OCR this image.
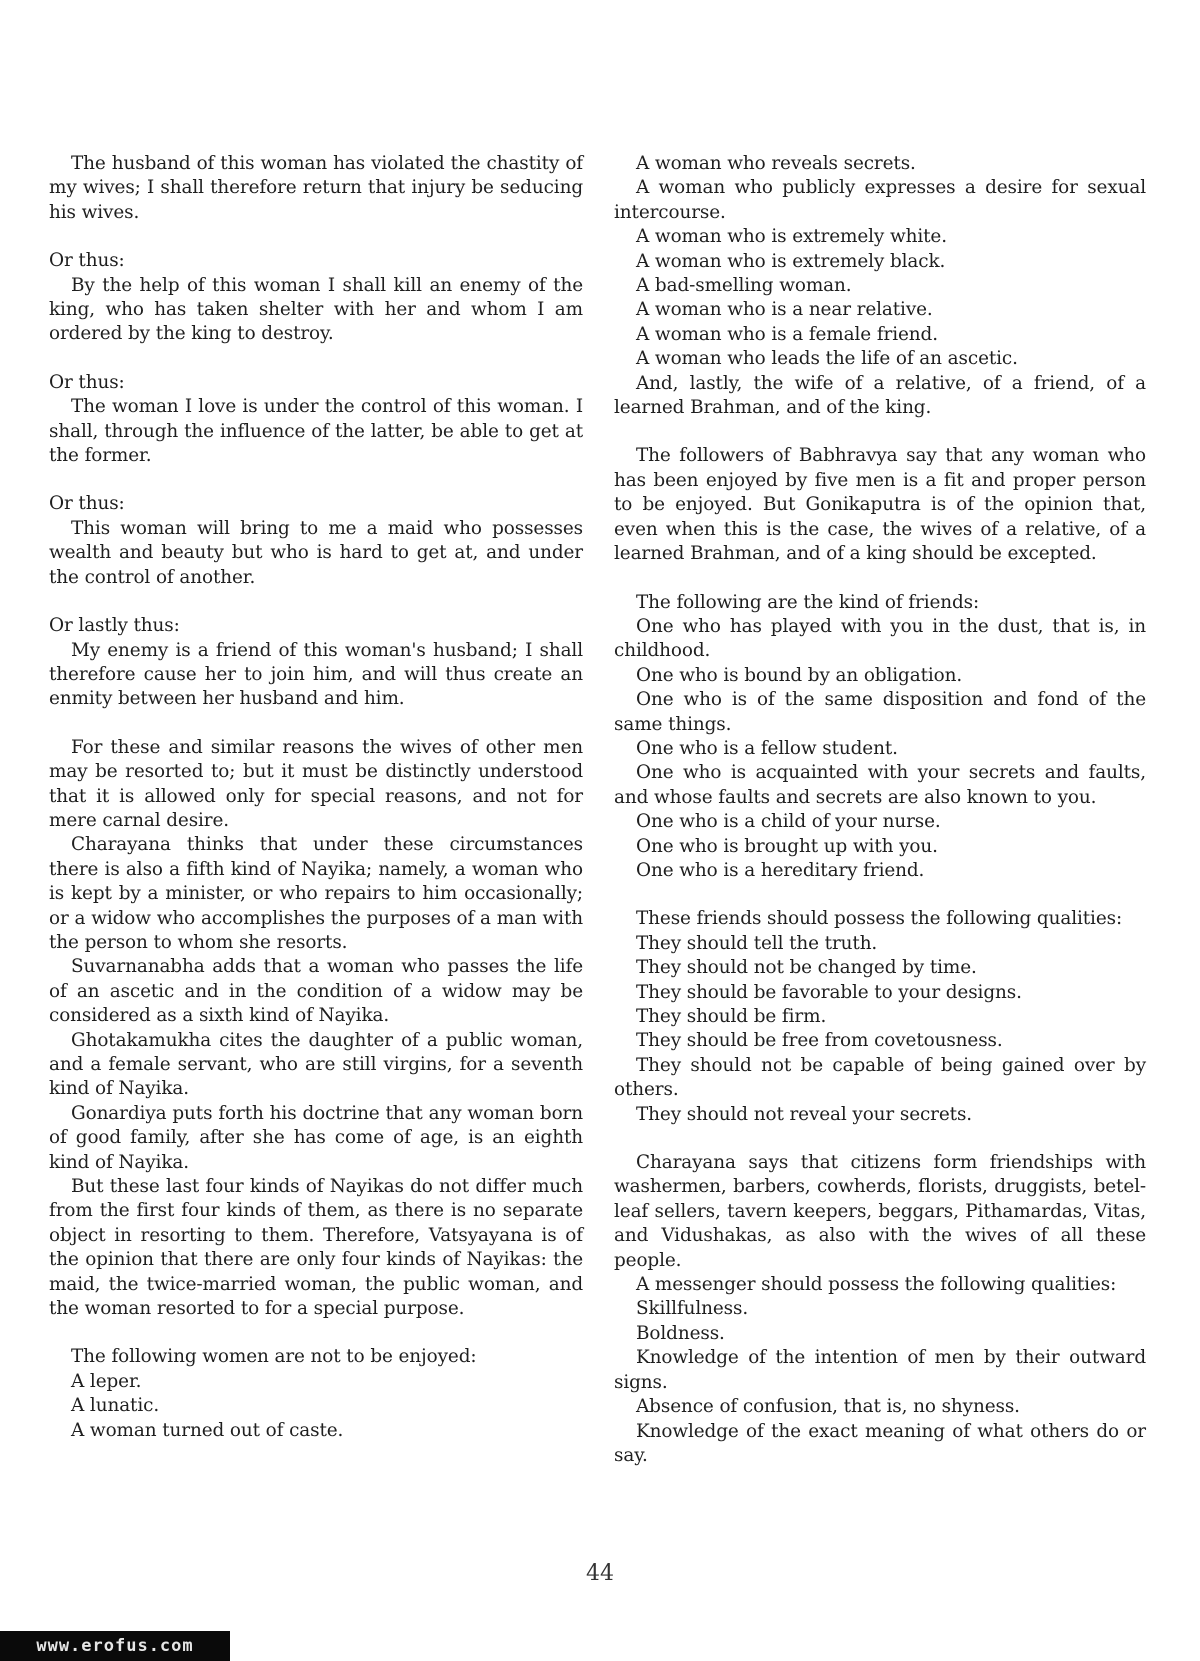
The husband of this woman has violated the chastity of my wives; I shall therefore return that injury be seducing his wives.

Or thus:

By the help of this woman I shall kill an enemy of the king, who has taken shelter with her and whom I am ordered by the king to destroy.

Or thus:

The woman I love is under the control of this woman. I shall, through the influence of the latter, be able to get at the former.

Or thus:

This woman will bring to me a maid who possesses wealth and beauty but who is hard to get at, and under the control of another.

Or lastly thus:

My enemy is a friend of this woman's husband; I shall therefore cause her to join him, and will thus create an enmity between her husband and him.

For these and similar reasons the wives of other men may be resorted to; but it must be distinctly understood that it is allowed only for special reasons, and not for mere carnal desire.

Charayana thinks that under these circumstances there is also a fifth kind of Nayika; namely, a woman who is kept by a minister, or who repairs to him occasionally; or a widow who accomplishes the purposes of a man with the person to whom she resorts.

Suvarnanabha adds that a woman who passes the life of an ascetic and in the condition of a widow may be considered as a sixth kind of Nayika.

Ghotakamukha cites the daughter of a public woman, and a female servant, who are still virgins, for a seventh kind of Nayika.

Gonardiya puts forth his doctrine that any woman born of good family, after she has come of age, is an eighth kind of Nayika.

But these last four kinds of Nayikas do not differ much from the first four kinds of them, as there is no separate object in resorting to them. Therefore, Vatsyayana is of the opinion that there are only four kinds of Nayikas: the maid, the twice-married woman, the public woman, and the woman resorted to for a special purpose.

The following women are not to be enjoyed:

A leper.

A lunatic.

A woman turned out of caste.

A woman who reveals secrets.

A woman who publicly expresses a desire for sexual intercourse.

A woman who is extremely white.

A woman who is extremely black.

A bad-smelling woman.

A woman who is a near relative.

A woman who is a female friend.

A woman who leads the life of an ascetic.

And, lastly, the wife of a relative, of a friend, of a learned Brahman, and of the king.

The followers of Babhravya say that any woman who has been enjoyed by five men is a fit and proper person to be enjoyed. But Gonikaputra is of the opinion that, even when this is the case, the wives of a relative, of a learned Brahman, and of a king should be excepted.

The following are the kind of friends:

One who has played with you in the dust, that is, in childhood.

One who is bound by an obligation.

One who is of the same disposition and fond of the same things.

One who is a fellow student.

One who is acquainted with your secrets and faults, and whose faults and secrets are also known to you.

One who is a child of your nurse.

One who is brought up with you.

One who is a hereditary friend.

These friends should possess the following qualities:

They should tell the truth.

They should not be changed by time.

They should be favorable to your designs.

They should be firm.

They should be free from covetousness.

They should not be capable of being gained over by others.

They should not reveal your secrets.

Charayana says that citizens form friendships with washermen, barbers, cowherds, florists, druggists, betel-leaf sellers, tavern keepers, beggars, Pithamardas, Vitas, and Vidushakas, as also with the wives of all these people.

A messenger should possess the following qualities:

Skillfulness.

Boldness.

Knowledge of the intention of men by their outward signs.

Absence of confusion, that is, no shyness.

Knowledge of the exact meaning of what others do or say.

44
www.erofus.com
